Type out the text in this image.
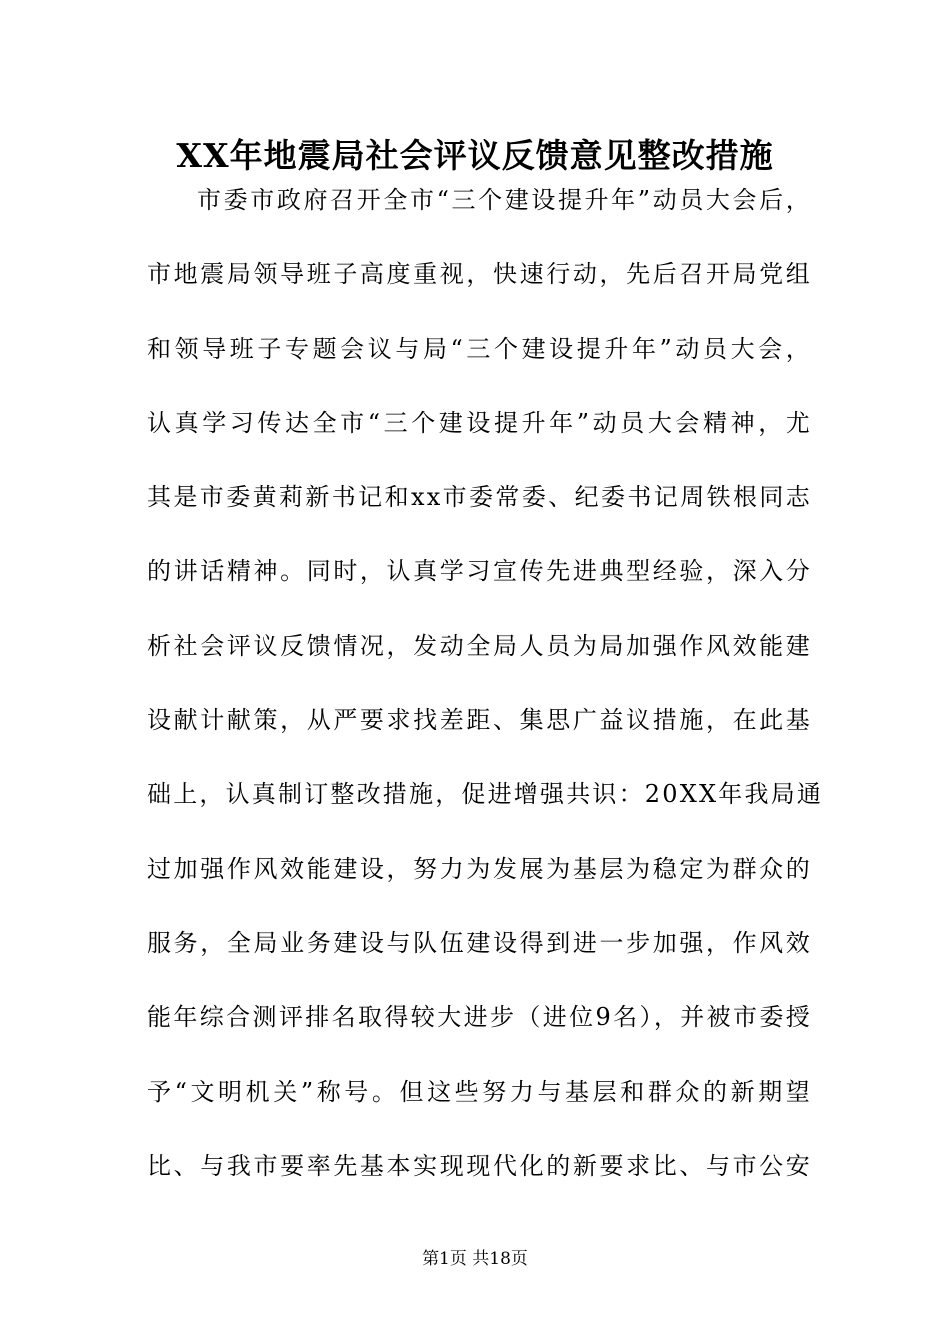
XX年地震局社会评议反馈意见整改措施
市委市政府召开全市“三个建设提升年”动员大会后，
市地震局领导班子高度重视，快速行动，先后召开局党组
和领导班子专题会议与局“三个建设提升年”动员大会，
认真学习传达全市“三个建设提升年”动员大会精神，尤
其是市委黄莉新书记和xx市委常委、纪委书记周铁根同志
的讲话精神。同时，认真学习宣传先进典型经验，深入分
析社会评议反馈情况，发动全局人员为局加强作风效能建
设献计献策，从严要求找差距、集思广益议措施，在此基
础上，认真制订整改措施，促进增强共识：20XX年我局通
过加强作风效能建设，努力为发展为基层为稳定为群众的
服务，全局业务建设与队伍建设得到进一步加强，作风效
能年综合测评排名取得较大进步（进位9名），并被市委授
予“文明机关”称号。但这些努力与基层和群众的新期望
比、与我市要率先基本实现现代化的新要求比、与市公安
第1页 共18页
